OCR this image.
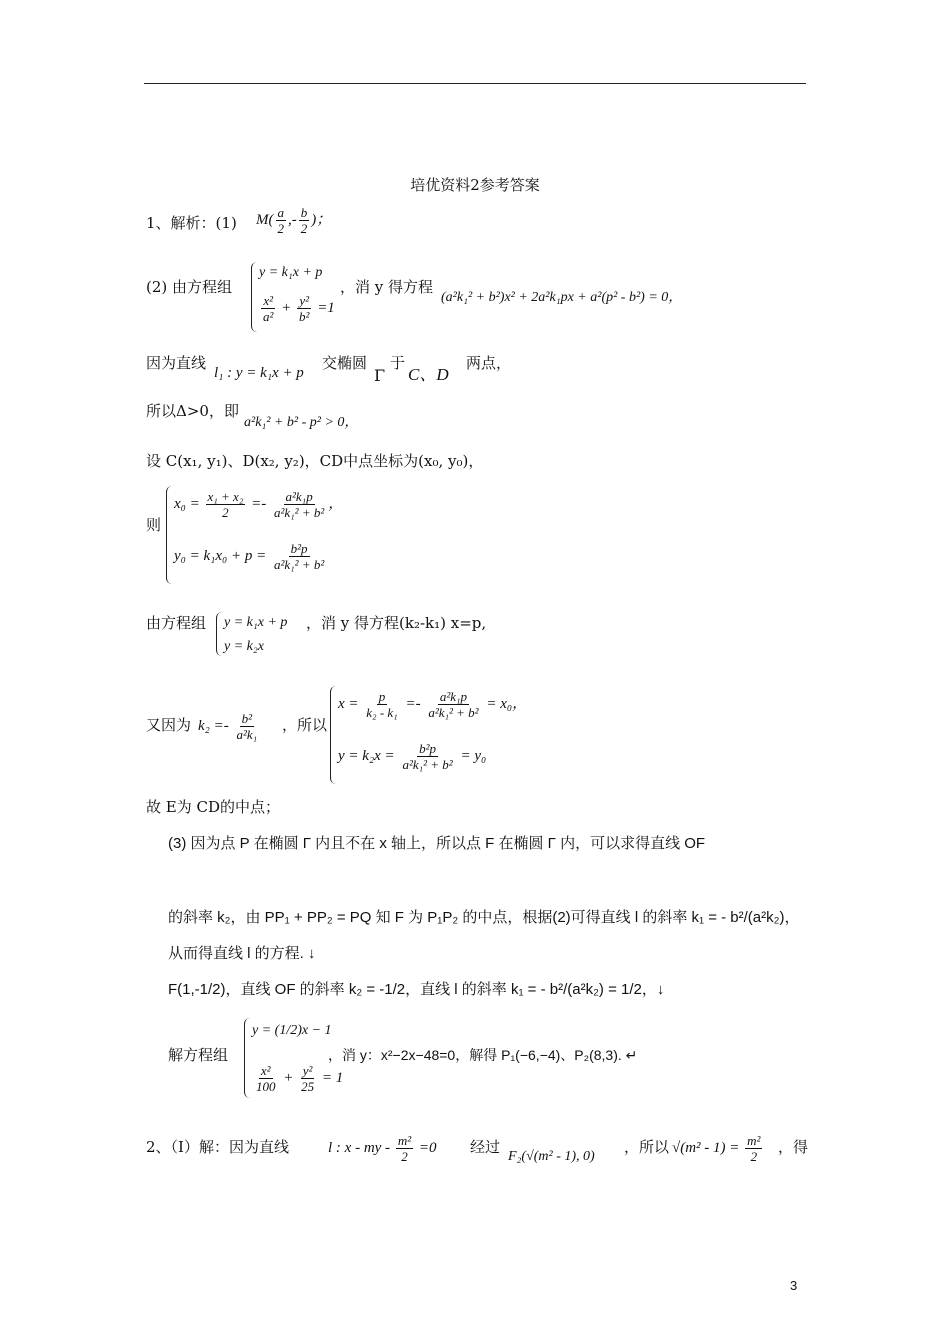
培优资料2参考答案
1、解析：(1) $M( \frac{a}{2}$ ,- $\frac{b}{2}$ )；
(2) 由方程组
y = k₁x + p
$\frac{\text{x²}}{\text{a²}} + \frac{\text{y²}}{\text{b²}} =1$
，消 y 得方程
(a²k₁² + b²)x² + 2a²k₁px + a²(p² - b²) = 0，
因为直线
l₁ : y = k₁x + p
交椭圆
Γ
于
C、D
两点，
所以Δ>0，即
a²k₁² + b² - p² > 0，
设 C(x₁, y₁)、D(x₂, y₂)，CD中点坐标为(x₀, y₀)，
则
$x_0 = \frac{\text{x₁ + x₂}}{2} =- \frac{\text{a²k₁p}}{\text{a²k₁² + b²}}$ ，
$y_0 = k_1x_0 + p = \frac{\text{b²p}}{\text{a²k₁² + b²}}$
由方程组 y = k₁x + p
y = k₂x
，消 y 得方程(k₂-k₁) x=p,
又因为 $k_2 =- \frac{\text{b²}}{\text{a²k₁}}$ ，所以
$x = \frac{p}{\text{k₂ - k₁}} =- \frac{\text{a²k₁p}}{\text{a²k₁² + b²}} = x_0$，
$y = k_2x = \frac{\text{b²p}}{\text{a²k₁² + b²}} = y_0$
故 E为 CD的中点；
(3) 因为点 P 在椭圆 Γ 内且不在 x 轴上，所以点 F 在椭圆 Γ 内，可以求得直线 OF
的斜率 k₂，由 PP₁ + PP₂ = PQ 知 F 为 P₁P₂ 的中点，根据(2)可得直线 l 的斜率 k₁ = - b²/(a²k₂)，
从而得直线 l 的方程. ↓
F(1,-1/2)，直线 OF 的斜率 k₂ = -1/2，直线 l 的斜率 k₁ = - b²/(a²k₂) = 1/2，↓
解方程组
y = (1/2)x − 1
$\frac{\text{x²}}{100} + \frac{\text{y²}}{25} = 1$
，消 y：x²−2x−48=0，解得 P₁(−6,−4)、P₂(8,3). ↵
2、（Ⅰ）解：因为直线	l : x - my - $\frac{\text{m²}}{2} =0$ 经过
F₂(√(m² - 1), 0)
，所以 $√(m^2 - 1) = \frac{\text{m²}}{2}$ ，得
3
